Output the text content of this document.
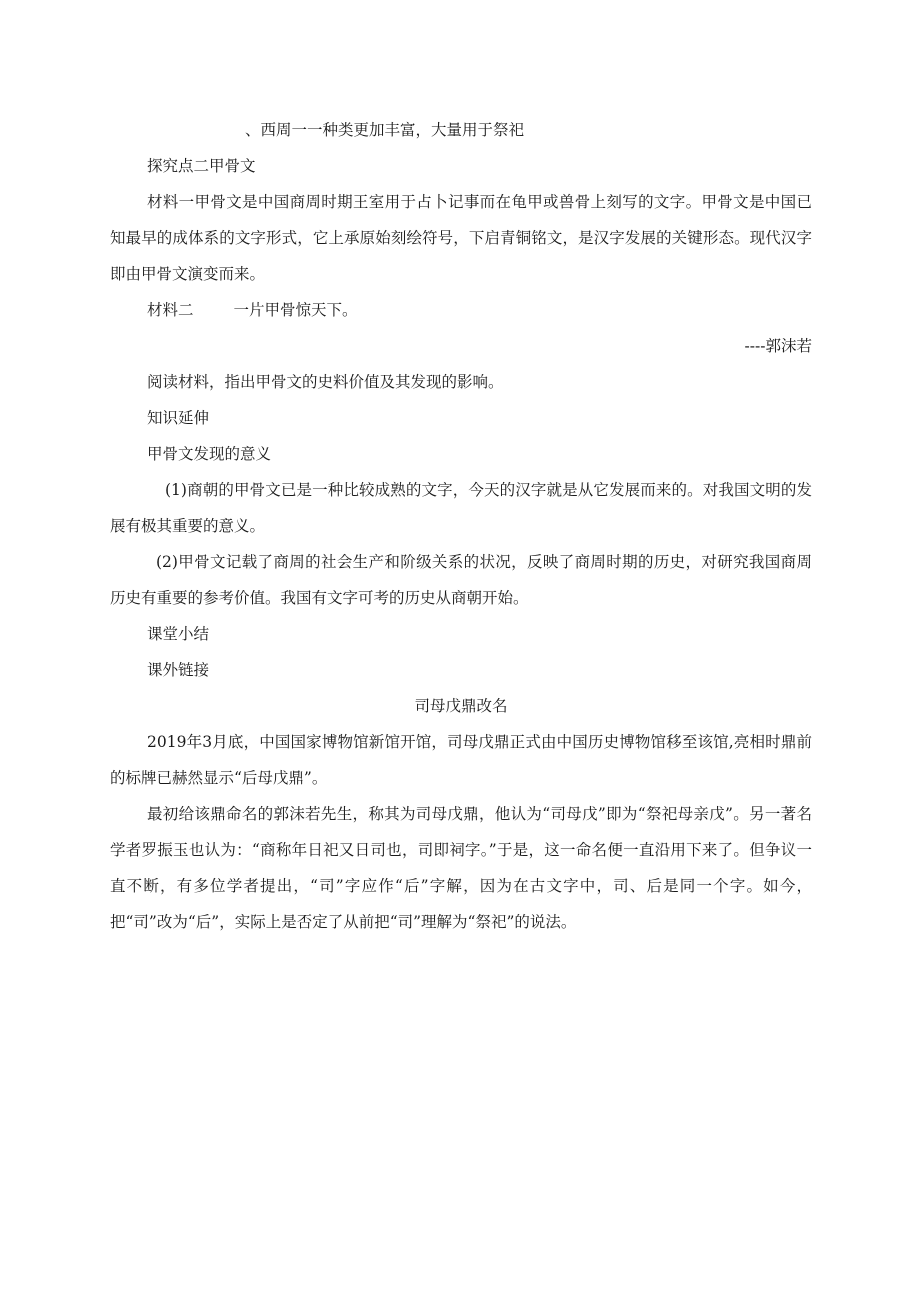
、西周一一种类更加丰富，大量用于祭祀

探究点二甲骨文

材料一甲骨文是中国商周时期王室用于占卜记事而在龟甲或兽骨上刻写的文字。甲骨文是中国已知最早的成体系的文字形式，它上承原始刻绘符号，下启青铜铭文，是汉字发展的关键形态。现代汉字即由甲骨文演变而来。

材料二	一片甲骨惊天下。

----郭沫若

阅读材料，指出甲骨文的史料价值及其发现的影响。

知识延伸

甲骨文发现的意义

(1)商朝的甲骨文已是一种比较成熟的文字，今天的汉字就是从它发展而来的。对我国文明的发展有极其重要的意义。

(2)甲骨文记载了商周的社会生产和阶级关系的状况，反映了商周时期的历史，对研究我国商周历史有重要的参考价值。我国有文字可考的历史从商朝开始。

课堂小结

课外链接

司母戊鼎改名

2019年3月底，中国国家博物馆新馆开馆，司母戊鼎正式由中国历史博物馆移至该馆,亮相时鼎前的标牌已赫然显示“后母戊鼎”。

最初给该鼎命名的郭沫若先生，称其为司母戊鼎，他认为“司母戊”即为“祭祀母亲戊”。另一著名学者罗振玉也认为：“商称年日祀又日司也，司即祠字。”于是，这一命名便一直沿用下来了。但争议一直不断，有多位学者提出，“司”字应作“后”字解，因为在古文字中，司、后是同一个字。如今，把“司”改为“后”，实际上是否定了从前把“司”理解为“祭祀”的说法。
